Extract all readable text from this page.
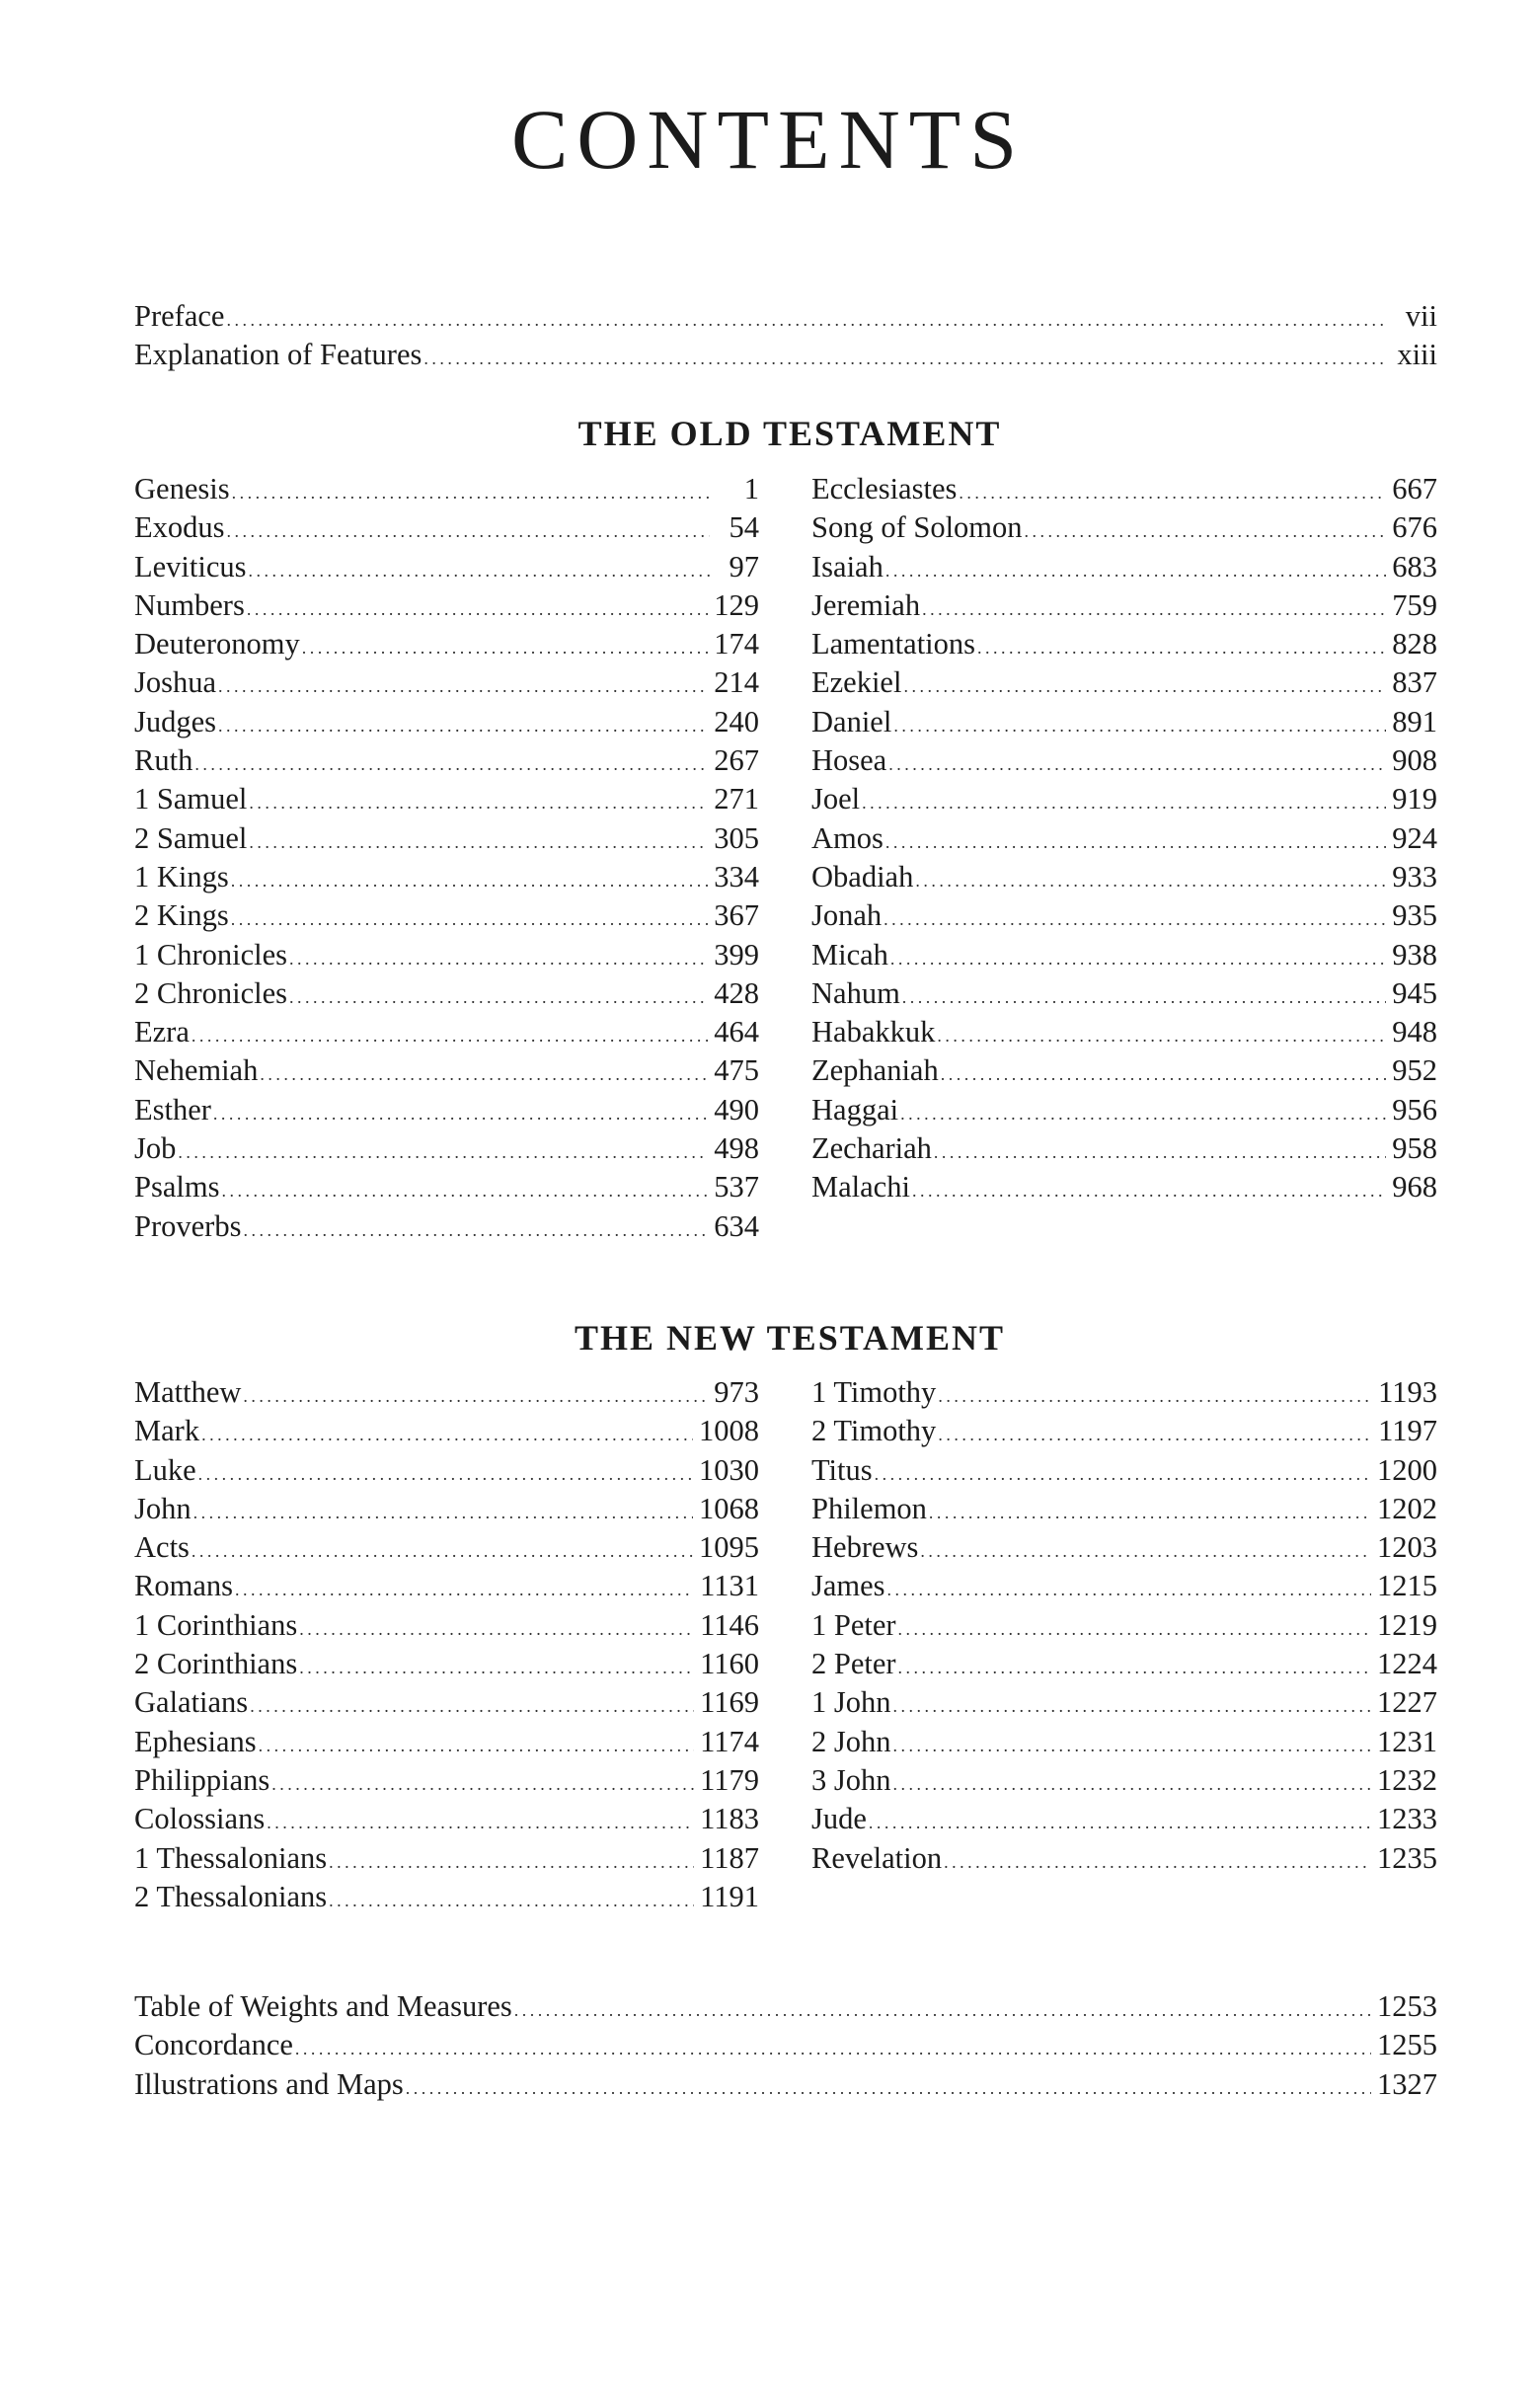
CONTENTS
Preface . . .	vii
Explanation of Features . . .	xiii
THE OLD TESTAMENT
Genesis . . .	1
Exodus . . .	54
Leviticus . . .	97
Numbers . . .	129
Deuteronomy . . .	174
Joshua . . .	214
Judges . . .	240
Ruth . . .	267
1 Samuel . . .	271
2 Samuel . . .	305
1 Kings . . .	334
2 Kings . . .	367
1 Chronicles . . .	399
2 Chronicles . . .	428
Ezra . . .	464
Nehemiah . . .	475
Esther . . .	490
Job . . .	498
Psalms . . .	537
Proverbs . . .	634
Ecclesiastes . . .	667
Song of Solomon . . .	676
Isaiah . . .	683
Jeremiah . . .	759
Lamentations . . .	828
Ezekiel . . .	837
Daniel . . .	891
Hosea . . .	908
Joel . . .	919
Amos . . .	924
Obadiah . . .	933
Jonah . . .	935
Micah . . .	938
Nahum . . .	945
Habakkuk . . .	948
Zephaniah . . .	952
Haggai . . .	956
Zechariah . . .	958
Malachi . . .	968
THE NEW TESTAMENT
Matthew . . .	973
Mark . . .	1008
Luke . . .	1030
John . . .	1068
Acts . . .	1095
Romans . . .	1131
1 Corinthians . . .	1146
2 Corinthians . . .	1160
Galatians . . .	1169
Ephesians . . .	1174
Philippians . . .	1179
Colossians . . .	1183
1 Thessalonians . . .	1187
2 Thessalonians . . .	1191
1 Timothy . . .	1193
2 Timothy . . .	1197
Titus . . .	1200
Philemon . . .	1202
Hebrews . . .	1203
James . . .	1215
1 Peter . . .	1219
2 Peter . . .	1224
1 John . . .	1227
2 John . . .	1231
3 John . . .	1232
Jude . . .	1233
Revelation . . .	1235
Table of Weights and Measures . . .	1253
Concordance . . .	1255
Illustrations and Maps . . .	1327
